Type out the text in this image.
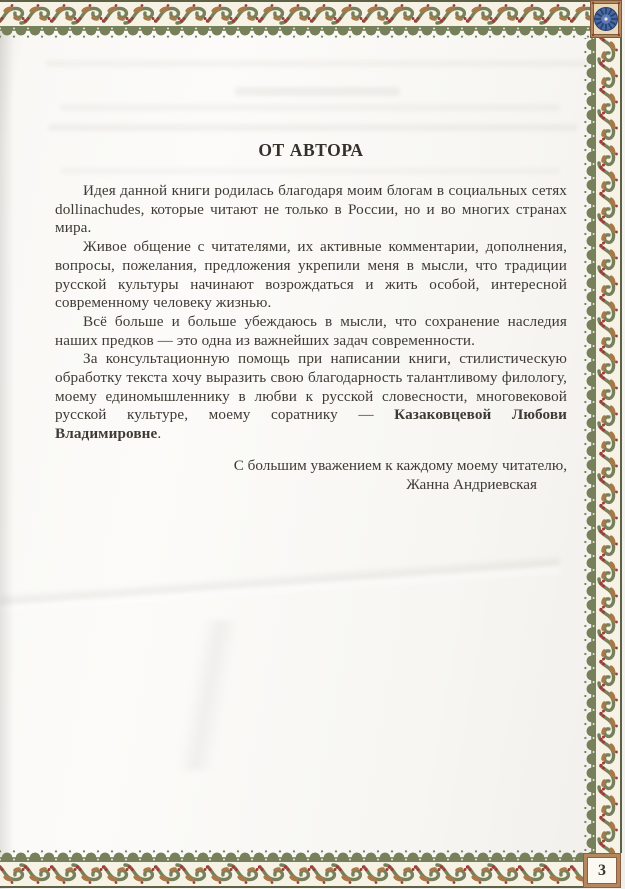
3
ОТ АВТОРА

Идея данной книги родилась благодаря моим блогам в социальных сетях dollinachudes, которые читают не только в России, но и во многих странах мира.

Живое общение с читателями, их активные комментарии, дополнения, вопросы, пожелания, предложения укрепили меня в мысли, что традиции русской культуры начинают возрождаться и жить особой, интересной современному человеку жизнью.

Всё больше и больше убеждаюсь в мысли, что сохранение наследия наших предков — это одна из важнейших задач современности.

За консультационную помощь при написании книги, стилистическую обработку текста хочу выразить свою благодарность талантливому филологу, моему единомышленнику в любви к русской словесности, многовековой русской культуре, моему соратнику — Казаковцевой Любови Владимировне.

С большим уважением к каждому моему читателю,
Жанна Андриевская
